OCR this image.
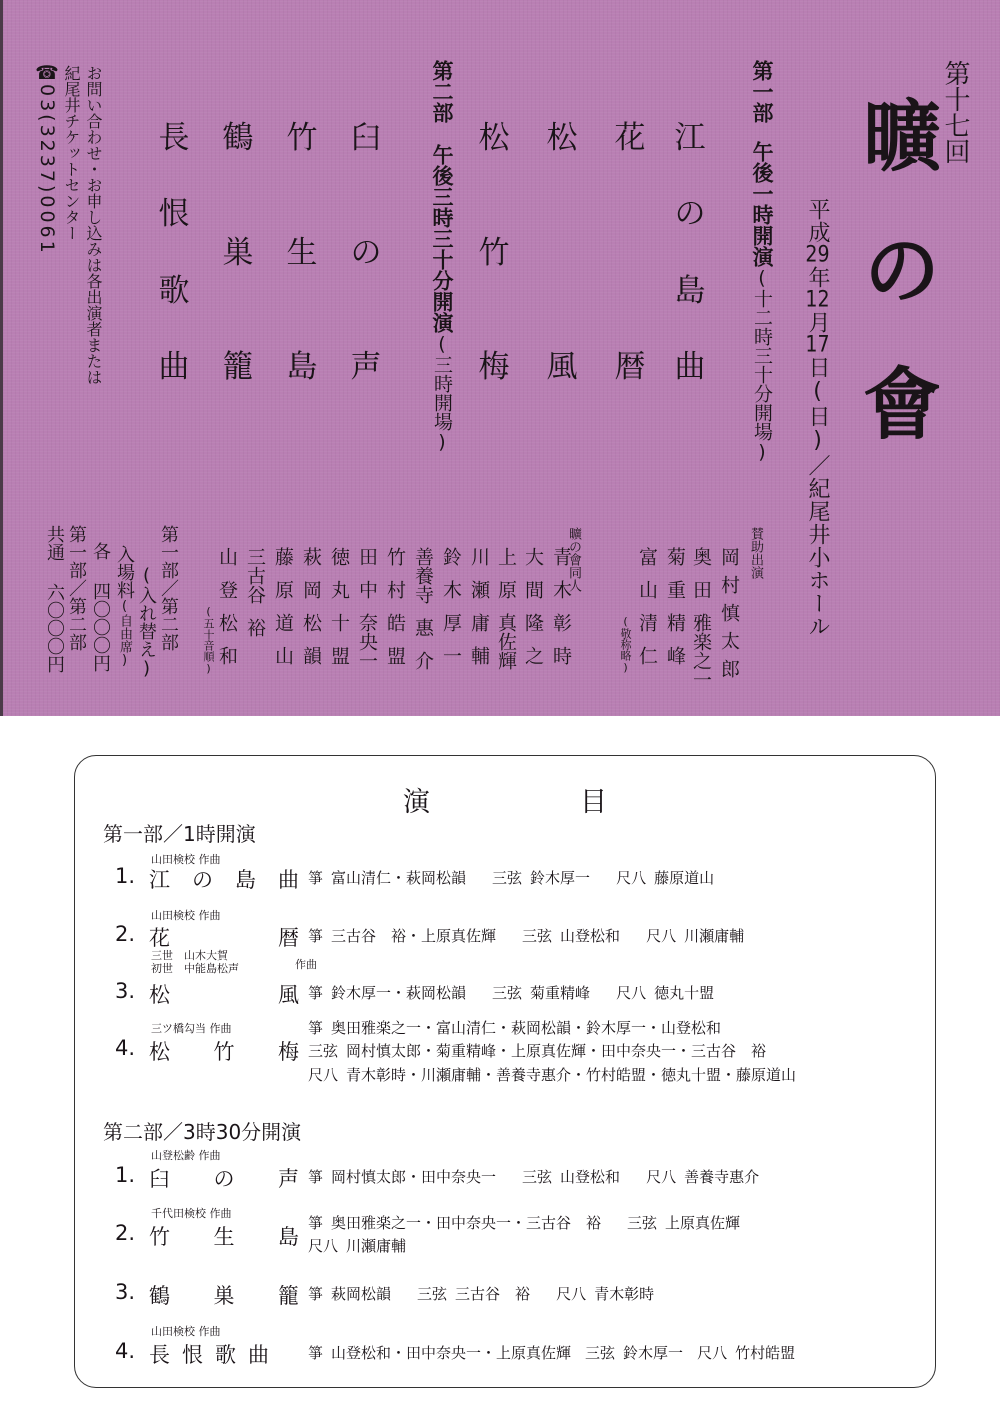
第十七回
曠の會
平成29年12月17日(日)／紀尾井小ホール
第一部午後一時開演(十二時三十分開場)
江
の
島
曲
花
暦
松
風
松
竹
梅
第二部　午後三時三十分開演(三時開場)
臼
の
声
竹
生
島
鶴
巣
籠
長
恨
歌
曲
お問い合わせ・お申し込みは各出演者または
紀尾井チケットセンター
☎03(3237)0061
賛助出演
岡村慎太郎
奥田雅楽之一
菊重精峰
富山清仁
(敬称略)
曠の會同人
青木彰時
大間隆之
上原真佐輝
川瀬庸輔
鈴木厚一
善養寺惠介
竹村皓盟
田中奈央一
徳丸十盟
萩岡松韻
藤原道山
三古谷裕
山登松和
(五十音順)
第一部／第二部
(入れ替え)
入場料(自由席)
各四〇〇〇円
第一部／第二部
共通六〇〇〇円
演目
第一部／1時開演
山田検校 作曲
1. 江 の 島 曲 箏 富山清仁・萩岡松韻 三弦 鈴木厚一 尺八 藤原道山
山田検校 作曲
2. 花	暦 箏 三古谷　裕・上原真佐輝 三弦 山登松和 尺八 川瀬庸輔
三世　山木大賀
初世　中能島松声	作曲
3. 松	風 箏 鈴木厚一・萩岡松韻 三弦 菊重精峰 尺八 徳丸十盟
三ツ橋勾当 作曲
4. 松 竹 梅
箏 奥田雅楽之一・富山清仁・萩岡松韻・鈴木厚一・山登松和
三弦 岡村慎太郎・菊重精峰・上原真佐輝・田中奈央一・三古谷　裕
尺八 青木彰時・川瀬庸輔・善養寺惠介・竹村皓盟・徳丸十盟・藤原道山
第二部／3時30分開演
山登松齢 作曲
1. 臼 の 声 箏 岡村慎太郎・田中奈央一 三弦 山登松和 尺八 善養寺惠介
千代田検校 作曲
2. 竹 生 島
箏 奥田雅楽之一・田中奈央一・三古谷　裕 三弦 上原真佐輝
尺八 川瀬庸輔
3. 鶴 巣 籠 箏 萩岡松韻 三弦 三古谷　裕 尺八 青木彰時
山田検校 作曲
4. 長 恨 歌 曲	箏 山登松和・田中奈央一・上原真佐輝 三弦 鈴木厚一 尺八 竹村皓盟
